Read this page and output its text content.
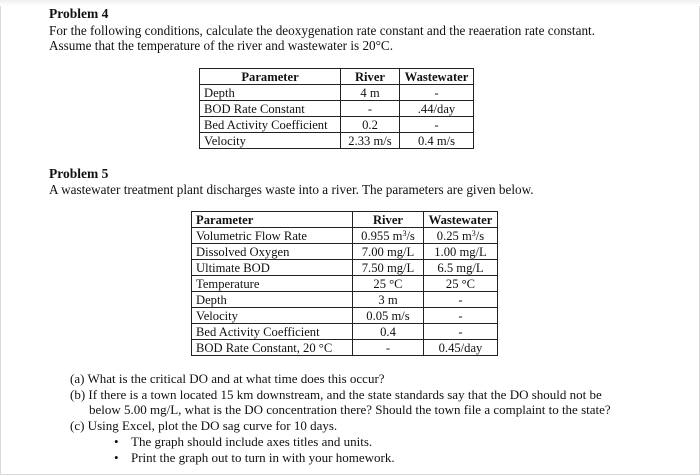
Problem 4
For the following conditions, calculate the deoxygenation rate constant and the reaeration rate constant.
Assume that the temperature of the river and wastewater is 20°C.
Parameter	River	Wastewater
Depth	4 m	-
BOD Rate Constant	-	.44/day
Bed Activity Coefficient	0.2	-
Velocity	2.33 m/s	0.4 m/s
Problem 5
A wastewater treatment plant discharges waste into a river. The parameters are given below.
Parameter	River	Wastewater
Volumetric Flow Rate	0.955 $m^3/s$	0.25 $m^3/s$
Dissolved Oxygen	7.00 mg/L	1.00 mg/L
Ultimate BOD	7.50 mg/L	6.5 mg/L
Temperature	25 °C	25 °C
Depth	3 m	-
Velocity	0.05 m/s	-
Bed Activity Coefficient	0.4	-
BOD Rate Constant, 20 °C	-	0.45/day
(a) What is the critical DO and at what time does this occur?
(b) If there is a town located 15 km downstream, and the state standards say that the DO should not be
below 5.00 mg/L, what is the DO concentration there? Should the town file a complaint to the state?
(c) Using Excel, plot the DO sag curve for 10 days.
• The graph should include axes titles and units.
• Print the graph out to turn in with your homework.
